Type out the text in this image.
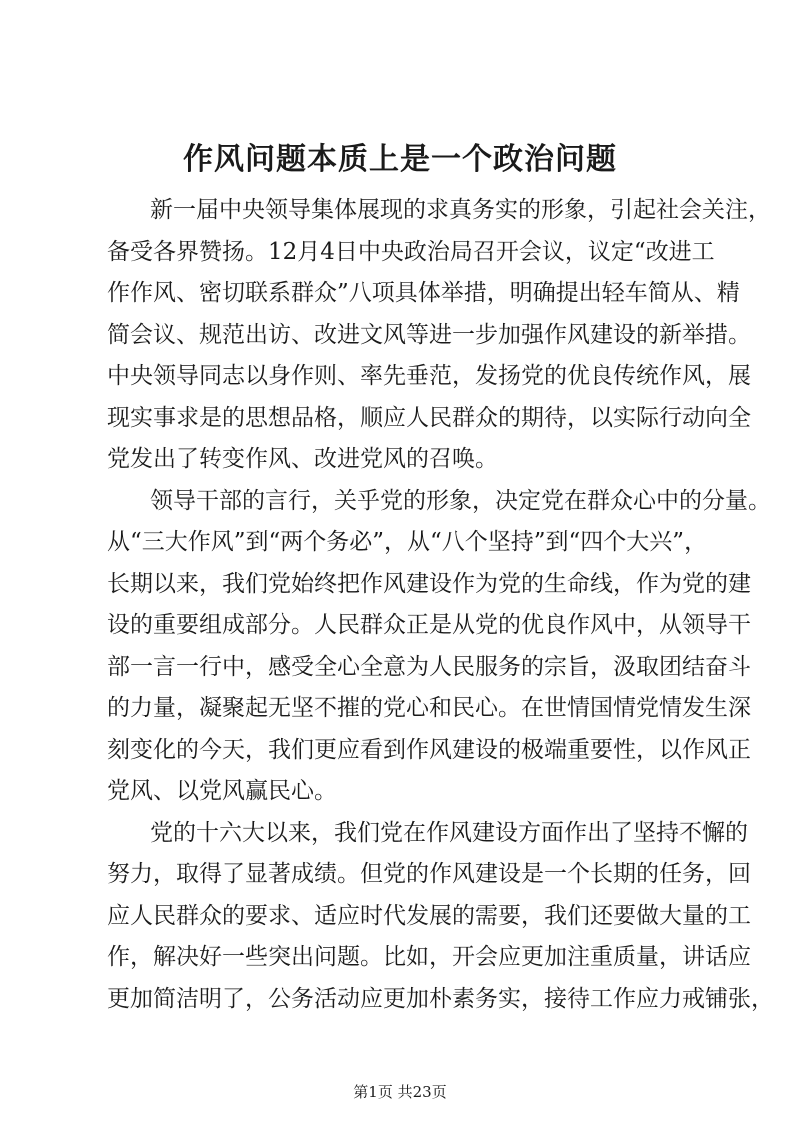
作风问题本质上是一个政治问题
新一届中央领导集体展现的求真务实的形象，引起社会关注，
备受各界赞扬。12月4日中央政治局召开会议，议定“改进工
作作风、密切联系群众”八项具体举措，明确提出轻车简从、精
简会议、规范出访、改进文风等进一步加强作风建设的新举措。
中央领导同志以身作则、率先垂范，发扬党的优良传统作风，展
现实事求是的思想品格，顺应人民群众的期待，以实际行动向全
党发出了转变作风、改进党风的召唤。
领导干部的言行，关乎党的形象，决定党在群众心中的分量。
从“三大作风”到“两个务必”，从“八个坚持”到“四个大兴”，
长期以来，我们党始终把作风建设作为党的生命线，作为党的建
设的重要组成部分。人民群众正是从党的优良作风中，从领导干
部一言一行中，感受全心全意为人民服务的宗旨，汲取团结奋斗
的力量，凝聚起无坚不摧的党心和民心。在世情国情党情发生深
刻变化的今天，我们更应看到作风建设的极端重要性，以作风正
党风、以党风赢民心。
党的十六大以来，我们党在作风建设方面作出了坚持不懈的
努力，取得了显著成绩。但党的作风建设是一个长期的任务，回
应人民群众的要求、适应时代发展的需要，我们还要做大量的工
作，解决好一些突出问题。比如，开会应更加注重质量，讲话应
更加简洁明了，公务活动应更加朴素务实，接待工作应力戒铺张，
第1页 共23页
